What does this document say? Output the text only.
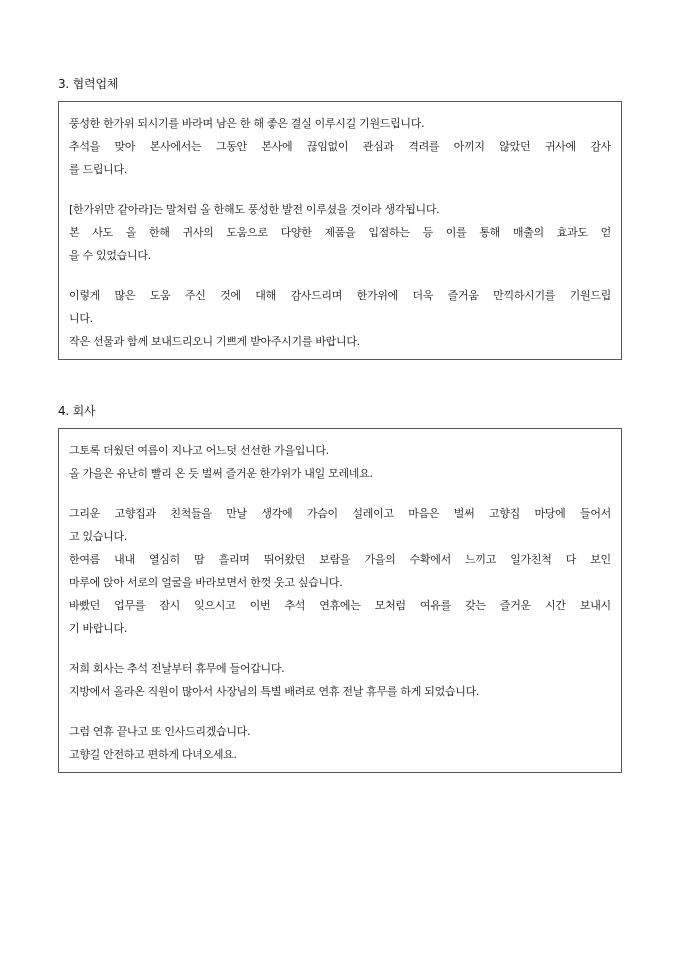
3. 협력업체
풍성한 한가위 되시기를 바라며 남은 한 해 좋은 결실 이루시길 기원드립니다.
추석을 맞아 본사에서는 그동안 본사에 끊임없이 관심과 격려를 아끼지 않았던 귀사에 감사
를 드립니다.
[한가위만 같아라]는 말처럼 올 한해도 풍성한 발전 이루셨을 것이라 생각됩니다.
본 사도 올 한해 귀사의 도움으로 다양한 제품을 입점하는 등 이를 통해 매출의 효과도 얻
을 수 있었습니다.
이렇게 많은 도움 주신 것에 대해 감사드리며 한가위에 더욱 즐거움 만끽하시기를 기원드립
니다.
작은 선물과 함께 보내드리오니 기쁘게 받아주시기를 바랍니다.
4. 회사
그토록 더웠던 여름이 지나고 어느덧 선선한 가을입니다.
올 가을은 유난히 빨리 온 듯 벌써 즐거운 한가위가 내일 모레네요.
그리운 고향집과 친척들을 만날 생각에 가슴이 설레이고 마음은 벌써 고향집 마당에 들어서
고 있습니다.
한여름 내내 열심히 땀 흘리며 뛰어왔던 보람을 가을의 수확에서 느끼고 일가친척 다 보인
마루에 앉아 서로의 얼굴을 바라보면서 한껏 웃고 싶습니다.
바빴던 업무를 잠시 잊으시고 이번 추석 연휴에는 모처럼 여유를 갖는 즐거운 시간 보내시
기 바랍니다.
저희 회사는 추석 전날부터 휴무에 들어갑니다.
지방에서 올라온 직원이 많아서 사장님의 특별 배려로 연휴 전날 휴무를 하게 되었습니다.
그럼 연휴 끝나고 또 인사드리겠습니다.
고향길 안전하고 편하게 다녀오세요.
